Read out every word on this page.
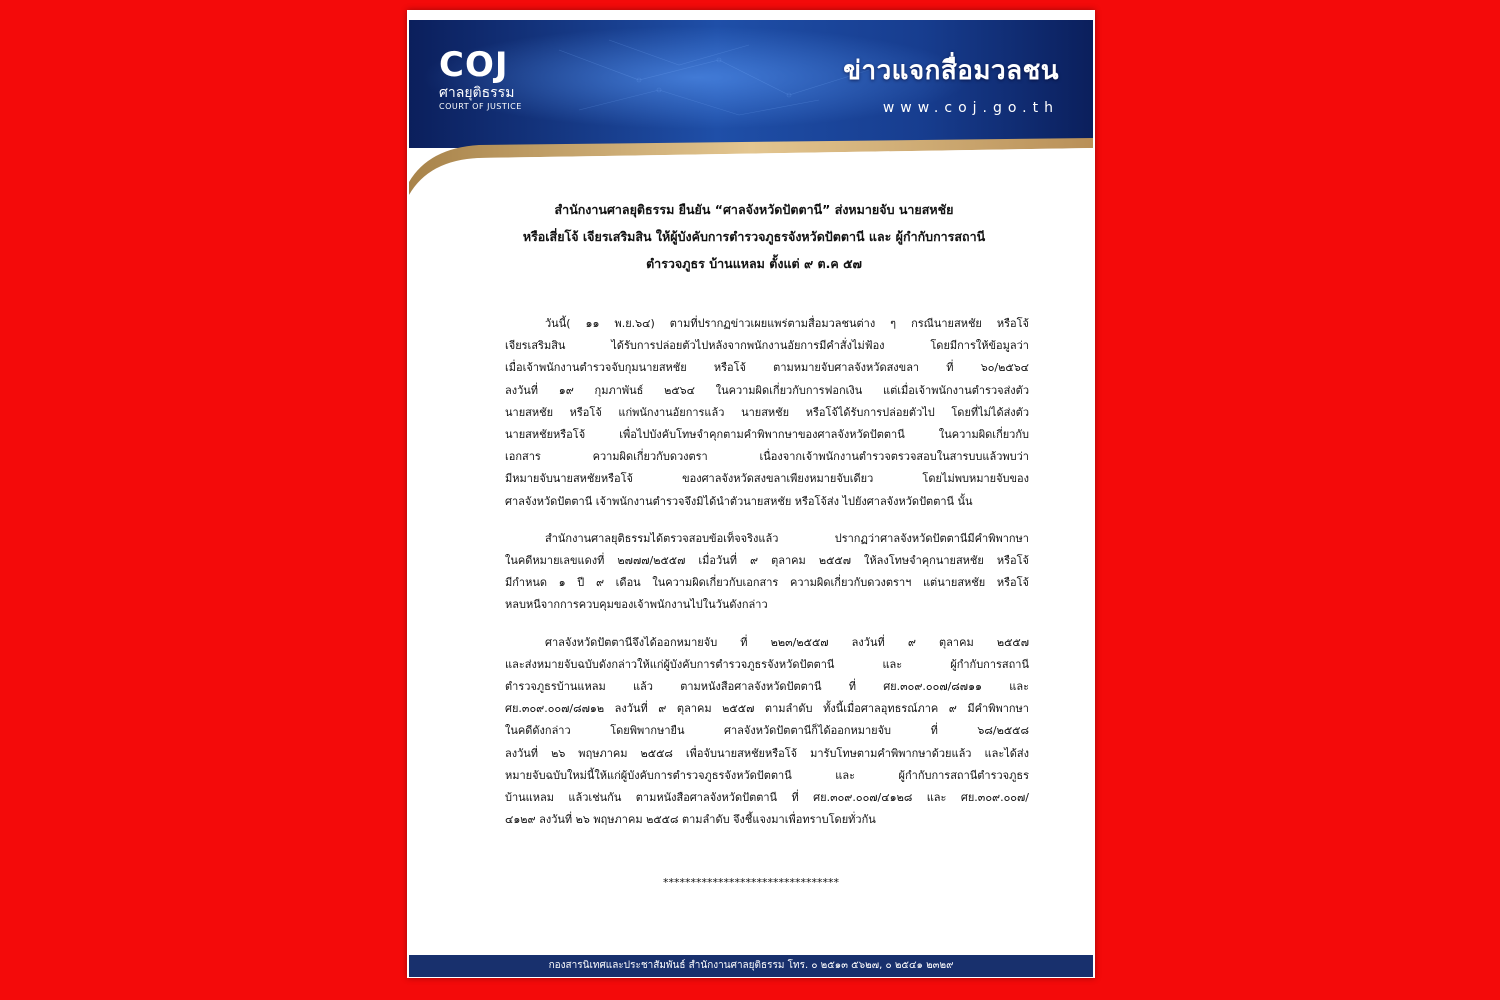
COJ
ศาลยุติธรรม
COURT OF JUSTICE
ข่าวแจกสื่อมวลชน
www.coj.go.th
สำนักงานศาลยุติธรรม ยืนยัน “ศาลจังหวัดปัตตานี” ส่งหมายจับ นายสหชัย
หรือเสี่ยโจ้ เจียรเสริมสิน ให้ผู้บังคับการตำรวจภูธรจังหวัดปัตตานี และ ผู้กำกับการสถานี
ตำรวจภูธร บ้านแหลม ตั้งแต่ ๙ ต.ค ๕๗
วันนี้( ๑๑ พ.ย.๖๔) ตามที่ปรากฏข่าวเผยแพร่ตามสื่อมวลชนต่าง ๆ กรณีนายสหชัย หรือโจ้
เจียรเสริมสิน ได้รับการปล่อยตัวไปหลังจากพนักงานอัยการมีคำสั่งไม่ฟ้อง โดยมีการให้ข้อมูลว่า
เมื่อเจ้าพนักงานตำรวจจับกุมนายสหชัย หรือโจ้ ตามหมายจับศาลจังหวัดสงขลา ที่ ๖๐/๒๕๖๔
ลงวันที่ ๑๙ กุมภาพันธ์ ๒๕๖๔ ในความผิดเกี่ยวกับการฟอกเงิน แต่เมื่อเจ้าพนักงานตำรวจส่งตัว
นายสหชัย หรือโจ้ แก่พนักงานอัยการแล้ว นายสหชัย หรือโจ้ได้รับการปล่อยตัวไป โดยที่ไม่ได้ส่งตัว
นายสหชัยหรือโจ้ เพื่อไปบังคับโทษจำคุกตามคำพิพากษาของศาลจังหวัดปัตตานี ในความผิดเกี่ยวกับ
เอกสาร ความผิดเกี่ยวกับดวงตรา เนื่องจากเจ้าพนักงานตำรวจตรวจสอบในสารบบแล้วพบว่า
มีหมายจับนายสหชัยหรือโจ้ ของศาลจังหวัดสงขลาเพียงหมายจับเดียว โดยไม่พบหมายจับของ
ศาลจังหวัดปัตตานี เจ้าพนักงานตำรวจจึงมิได้นำตัวนายสหชัย หรือโจ้ส่ง ไปยังศาลจังหวัดปัตตานี นั้น
สำนักงานศาลยุติธรรมได้ตรวจสอบข้อเท็จจริงแล้ว ปรากฏว่าศาลจังหวัดปัตตานีมีคำพิพากษา
ในคดีหมายเลขแดงที่ ๒๗๗๗/๒๕๕๗ เมื่อวันที่ ๙ ตุลาคม ๒๕๕๗ ให้ลงโทษจำคุกนายสหชัย หรือโจ้
มีกำหนด ๑ ปี ๙ เดือน ในความผิดเกี่ยวกับเอกสาร ความผิดเกี่ยวกับดวงตราฯ แต่นายสหชัย หรือโจ้
หลบหนีจากการควบคุมของเจ้าพนักงานไปในวันดังกล่าว
ศาลจังหวัดปัตตานีจึงได้ออกหมายจับ ที่ ๒๒๓/๒๕๕๗ ลงวันที่ ๙ ตุลาคม ๒๕๕๗
และส่งหมายจับฉบับดังกล่าวให้แก่ผู้บังคับการตำรวจภูธรจังหวัดปัตตานี และ ผู้กำกับการสถานี
ตำรวจภูธรบ้านแหลม แล้ว ตามหนังสือศาลจังหวัดปัตตานี ที่ ศย.๓๐๙.๐๐๗/๘๗๑๑ และ
ศย.๓๐๙.๐๐๗/๘๗๑๒ ลงวันที่ ๙ ตุลาคม ๒๕๕๗ ตามลำดับ ทั้งนี้เมื่อศาลอุทธรณ์ภาค ๙ มีคำพิพากษา
ในคดีดังกล่าว โดยพิพากษายืน ศาลจังหวัดปัตตานีก็ได้ออกหมายจับ ที่ ๖๘/๒๕๕๘
ลงวันที่ ๒๖ พฤษภาคม ๒๕๕๘ เพื่อจับนายสหชัยหรือโจ้ มารับโทษตามคำพิพากษาด้วยแล้ว และได้ส่ง
หมายจับฉบับใหม่นี้ให้แก่ผู้บังคับการตำรวจภูธรจังหวัดปัตตานี และ ผู้กำกับการสถานีตำรวจภูธร
บ้านแหลม แล้วเช่นกัน ตามหนังสือศาลจังหวัดปัตตานี ที่ ศย.๓๐๙.๐๐๗/๔๑๒๘ และ ศย.๓๐๙.๐๐๗/
๔๑๒๙ ลงวันที่ ๒๖ พฤษภาคม ๒๕๕๘ ตามลำดับ จึงชี้แจงมาเพื่อทราบโดยทั่วกัน
********************************
กองสารนิเทศและประชาสัมพันธ์ สำนักงานศาลยุติธรรม โทร. ๐ ๒๕๑๓ ๕๖๒๗, ๐ ๒๕๔๑ ๒๓๒๙
